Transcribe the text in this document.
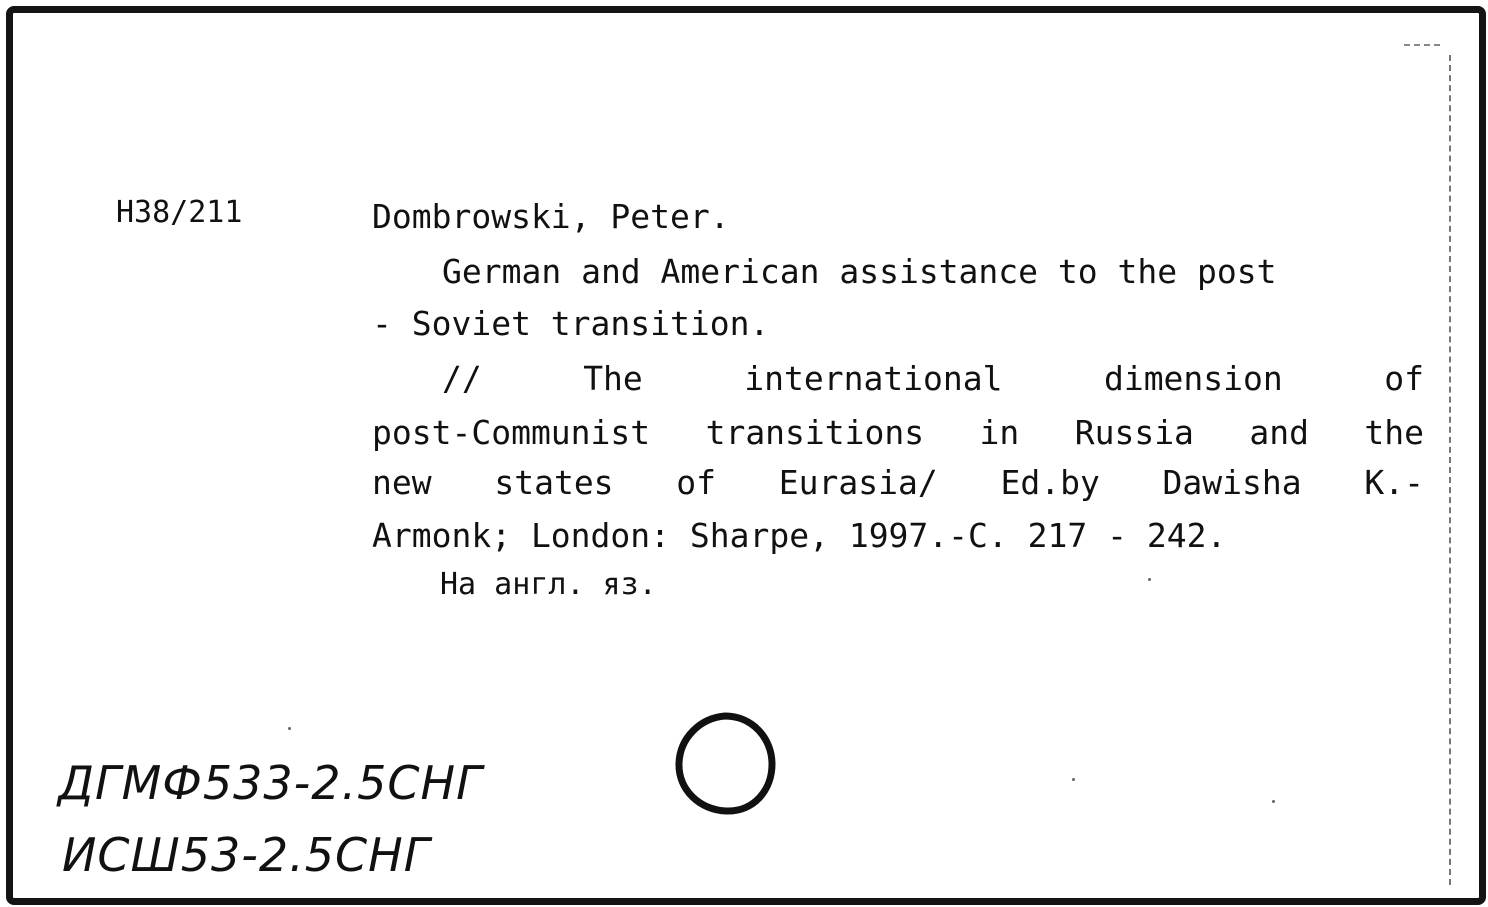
H38/211	Dombrowski, Peter.
German and American assistance to the post
- Soviet transition.
//	The	international	dimension	of
post-Communist transitions in Russia and the
new states of Eurasia/ Ed.by Dawisha K.-
Armonk; London: Sharpe, 1997.-C. 217 - 242.
На англ. яз.
ДГМФ533-2.5СНГ
ИСШ53-2.5СНГ
